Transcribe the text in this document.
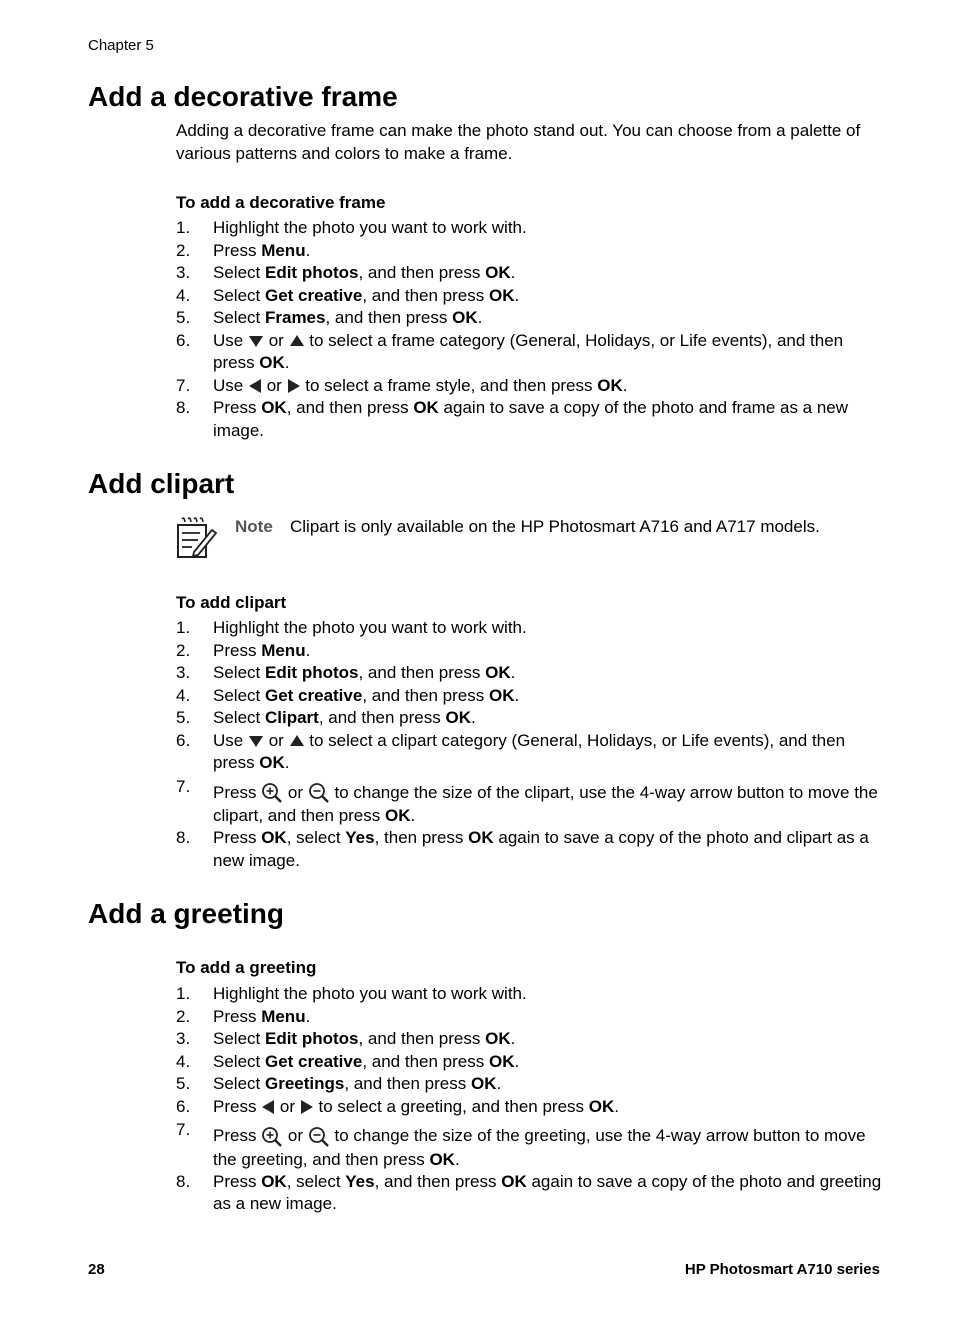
Chapter 5
Add a decorative frame

Adding a decorative frame can make the photo stand out. You can choose from a palette of various patterns and colors to make a frame.

To add a decorative frame

1. Highlight the photo you want to work with.
2. Press Menu.
3. Select Edit photos, and then press OK.
4. Select Get creative, and then press OK.
5. Select Frames, and then press OK.
6. Use
or
to select a frame category (General, Holidays, or Life events), and then press OK.
7. Use
or
to select a frame style, and then press OK.
8. Press OK, and then press OK again to save a copy of the photo and frame as a new image.
Add clipart
Note Clipart is only available on the HP Photosmart A716 and A717 models.

To add clipart

1. Highlight the photo you want to work with.
2. Press Menu.
3. Select Edit photos, and then press OK.
4. Select Get creative, and then press OK.
5. Select Clipart, and then press OK.
6. Use
or
to select a clipart category (General, Holidays, or Life events), and then press OK.
7. Press
or
to change the size of the clipart, use the 4-way arrow button to move the clipart, and then press OK.
8. Press OK, select Yes, then press OK again to save a copy of the photo and clipart as a new image.
Add a greeting

To add a greeting

1. Highlight the photo you want to work with.
2. Press Menu.
3. Select Edit photos, and then press OK.
4. Select Get creative, and then press OK.
5. Select Greetings, and then press OK.
6. Press
or
to select a greeting, and then press OK.
7. Press
or
to change the size of the greeting, use the 4-way arrow button to move the greeting, and then press OK.
8. Press OK, select Yes, and then press OK again to save a copy of the photo and greeting as a new image.
28	HP Photosmart A710 series
